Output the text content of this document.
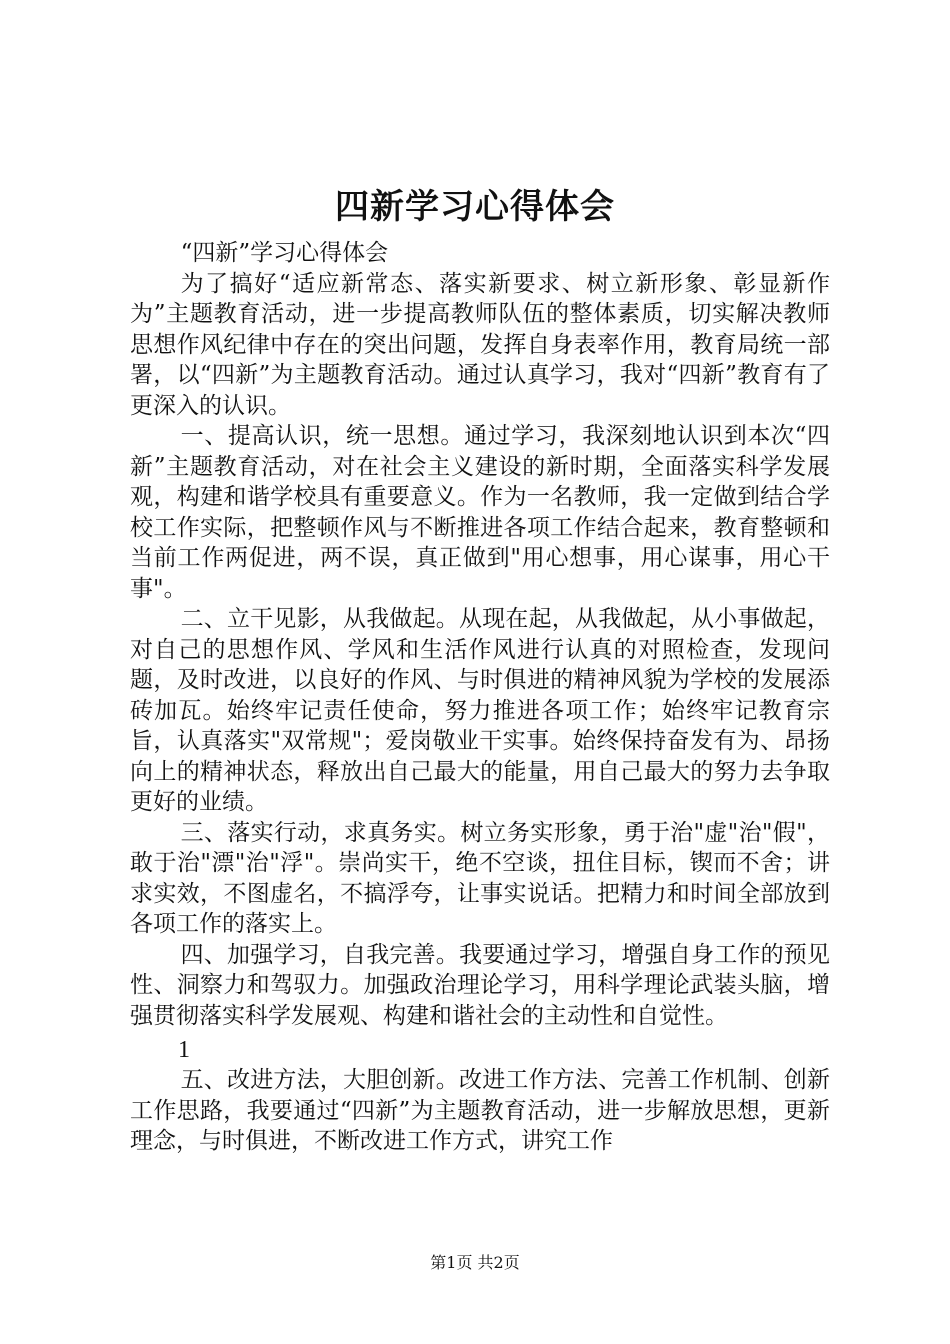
四新学习心得体会

“四新”学习心得体会

为了搞好“适应新常态、落实新要求、树立新形象、彰显新作为”主题教育活动，进一步提高教师队伍的整体素质，切实解决教师思想作风纪律中存在的突出问题，发挥自身表率作用，教育局统一部署，以“四新”为主题教育活动。通过认真学习，我对“四新”教育有了更深入的认识。

一、提高认识，统一思想。通过学习，我深刻地认识到本次“四新”主题教育活动，对在社会主义建设的新时期，全面落实科学发展观，构建和谐学校具有重要意义。作为一名教师，我一定做到结合学校工作实际，把整顿作风与不断推进各项工作结合起来，教育整顿和当前工作两促进，两不误，真正做到"用心想事，用心谋事，用心干事"。

二、立干见影，从我做起。从现在起，从我做起，从小事做起，对自己的思想作风、学风和生活作风进行认真的对照检查，发现问题，及时改进，以良好的作风、与时俱进的精神风貌为学校的发展添砖加瓦。始终牢记责任使命，努力推进各项工作；始终牢记教育宗旨，认真落实"双常规"；爱岗敬业干实事。始终保持奋发有为、昂扬向上的精神状态，释放出自己最大的能量，用自己最大的努力去争取更好的业绩。

三、落实行动，求真务实。树立务实形象，勇于治"虚"治"假"，敢于治"漂"治"浮"。崇尚实干，绝不空谈，扭住目标，锲而不舍；讲求实效，不图虚名，不搞浮夸，让事实说话。把精力和时间全部放到各项工作的落实上。

四、加强学习，自我完善。我要通过学习，增强自身工作的预见性、洞察力和驾驭力。加强政治理论学习，用科学理论武装头脑，增强贯彻落实科学发展观、构建和谐社会的主动性和自觉性。

1

五、改进方法，大胆创新。改进工作方法、完善工作机制、创新工作思路，我要通过“四新”为主题教育活动，进一步解放思想，更新理念，与时俱进，不断改进工作方式，讲究工作

第1页 共2页
